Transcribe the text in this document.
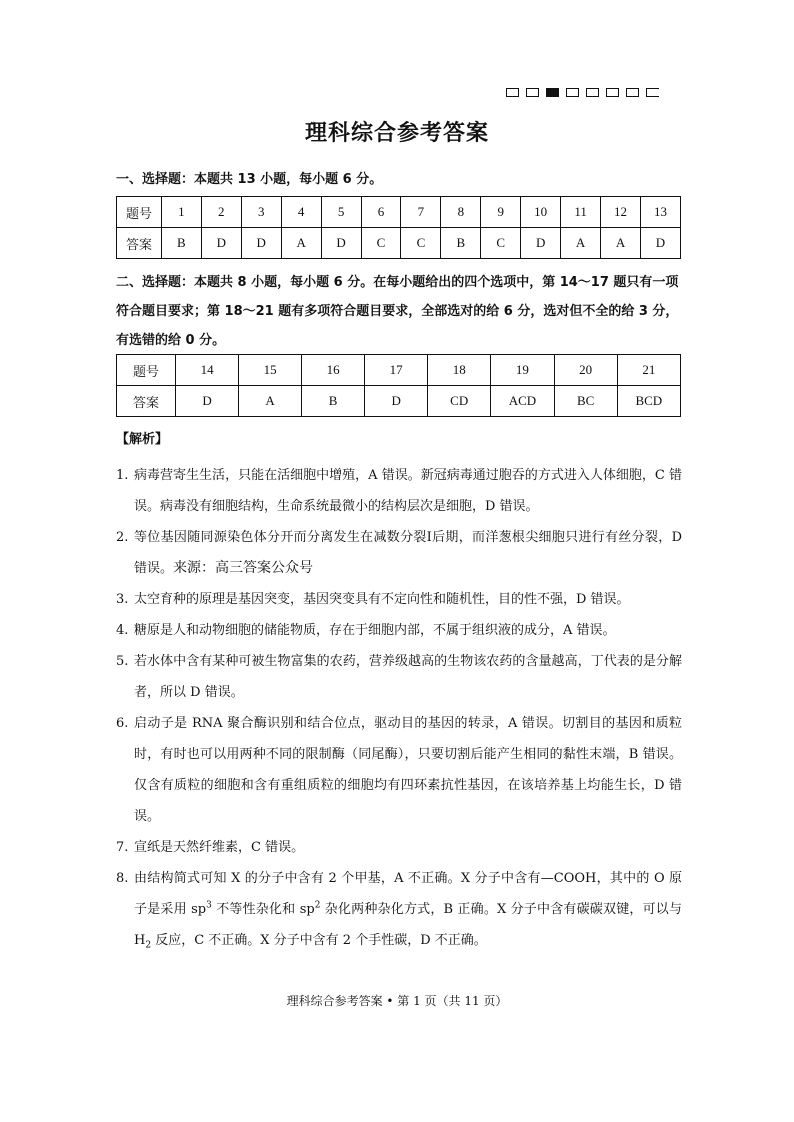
理科综合参考答案
一、选择题：本题共 13 小题，每小题 6 分。
题号	1	2	3	4	5	6	7	8	9	10	11	12	13
答案	B	D	D	A	D	C	C	B	C	D	A	A	D
二、选择题：本题共 8 小题，每小题 6 分。在每小题给出的四个选项中，第 14～17 题只有一项符合题目要求；第 18～21 题有多项符合题目要求，全部选对的给 6 分，选对但不全的给 3 分，有选错的给 0 分。
题号	14	15	16	17	18	19	20	21
答案	D	A	B	D	CD	ACD	BC	BCD
【解析】
1. 病毒营寄生生活，只能在活细胞中增殖，A 错误。新冠病毒通过胞吞的方式进入人体细胞，C 错误。病毒没有细胞结构，生命系统最微小的结构层次是细胞，D 错误。
2. 等位基因随同源染色体分开而分离发生在减数分裂Ⅰ后期，而洋葱根尖细胞只进行有丝分裂，D 错误。来源：高三答案公众号
3. 太空育种的原理是基因突变，基因突变具有不定向性和随机性，目的性不强，D 错误。
4. 糖原是人和动物细胞的储能物质，存在于细胞内部，不属于组织液的成分，A 错误。
5. 若水体中含有某种可被生物富集的农药，营养级越高的生物该农药的含量越高，丁代表的是分解者，所以 D 错误。
6. 启动子是 RNA 聚合酶识别和结合位点，驱动目的基因的转录，A 错误。切割目的基因和质粒时，有时也可以用两种不同的限制酶（同尾酶），只要切割后能产生相同的黏性末端，B 错误。仅含有质粒的细胞和含有重组质粒的细胞均有四环素抗性基因，在该培养基上均能生长，D 错误。
7. 宣纸是天然纤维素，C 错误。
8. 由结构简式可知 X 的分子中含有 2 个甲基，A 不正确。X 分子中含有—COOH，其中的 O 原子是采用 $sp^3$ 不等性杂化和 $sp^2$ 杂化两种杂化方式，B 正确。X 分子中含有碳碳双键，可以与 $H_2$ 反应，C 不正确。X 分子中含有 2 个手性碳，D 不正确。
理科综合参考答案 • 第 1 页（共 11 页）
